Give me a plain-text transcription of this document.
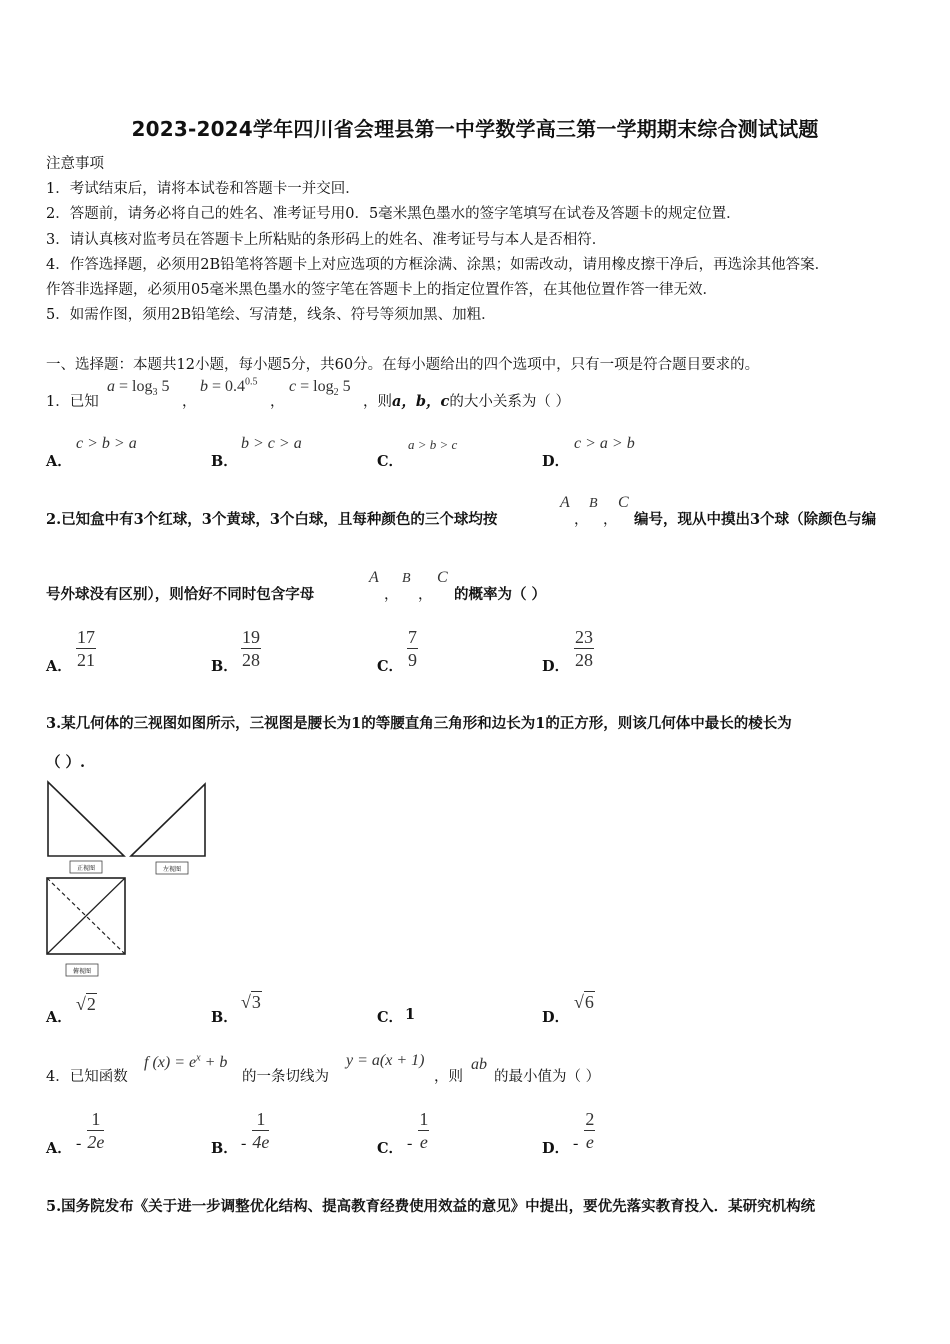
2023-2024学年四川省会理县第一中学数学高三第一学期期末综合测试试题
注意事项
1．考试结束后，请将本试卷和答题卡一并交回．
2．答题前，请务必将自己的姓名、准考证号用0．5毫米黑色墨水的签字笔填写在试卷及答题卡的规定位置．
3．请认真核对监考员在答题卡上所粘贴的条形码上的姓名、准考证号与本人是否相符．
4．作答选择题，必须用2B铅笔将答题卡上对应选项的方框涂满、涂黑；如需改动，请用橡皮擦干净后，再选涂其他答案．
作答非选择题，必须用05毫米黑色墨水的签字笔在答题卡上的指定位置作答，在其他位置作答一律无效．
5．如需作图，须用2B铅笔绘、写清楚，线条、符号等须加黑、加粗．
一、选择题：本题共12小题，每小题5分，共60分。在每小题给出的四个选项中，只有一项是符合题目要求的。
1．已知
$a = \log_3 5$
，
$b = 0.4^{0.5}$
，
$c = \log_2 5$
，则a，b，c的大小关系为（ ）
A．
c > b > a
B．
b > c > a
C．
a > b > c
D．
c > a > b
2.已知盒中有3个红球，3个黄球，3个白球，且每种颜色的三个球均按
A
，
B
，
C
编号，现从中摸出3个球（除颜色与编
号外球没有区别），则恰好不同时包含字母
A
，
B
，
C
的概率为（ ）
A． $\frac{17}{21}$	B． $\frac{19}{28}$	C． $\frac{7}{9}$	D． $\frac{23}{28}$
3.某几何体的三视图如图所示，三视图是腰长为1的等腰直角三角形和边长为1的正方形，则该几何体中最长的棱长为
（ ）.
正视图	左视图
俯视图
A．
√2
B．
√3
C． 1	D．
√6
4．已知函数
f $(x) = e^x + b$
的一条切线为
y = a(x + 1)
，则
ab
的最小值为（ ）
A． - $\frac{1}{2e}$	B． - $\frac{1}{4e}$	C． - $\frac{1}{e}$	D． - $\frac{2}{e}$
5.国务院发布《关于进一步调整优化结构、提高教育经费使用效益的意见》中提出，要优先落实教育投入．某研究机构统
